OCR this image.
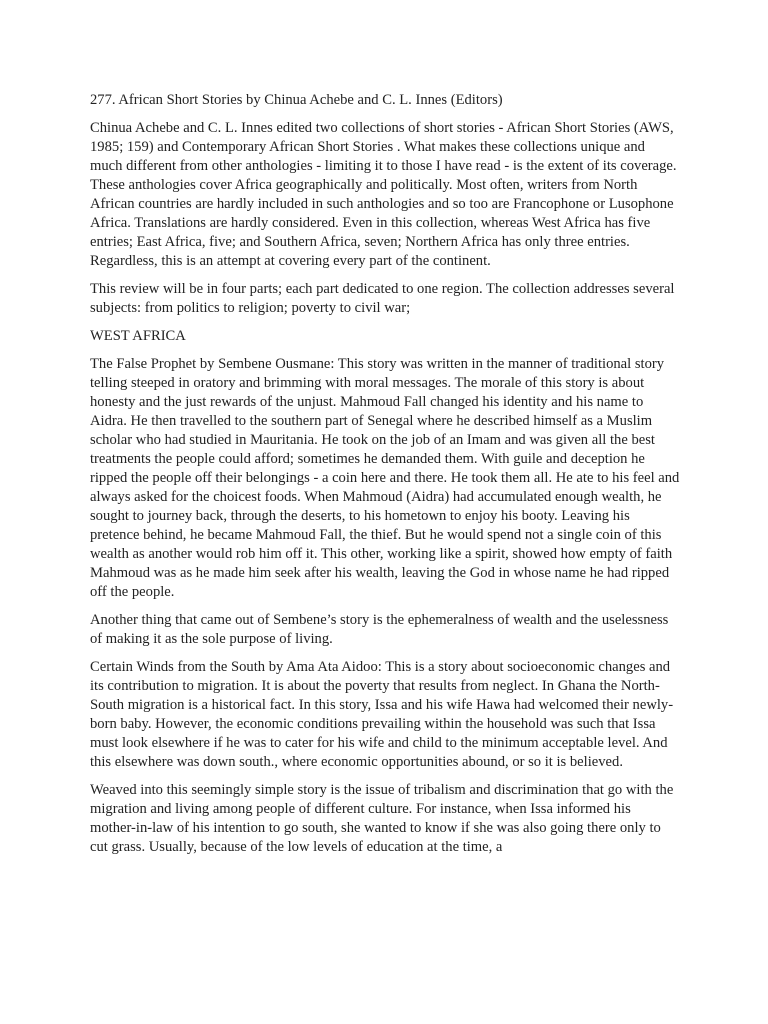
277. African Short Stories by Chinua Achebe and C. L. Innes (Editors)

Chinua Achebe and C. L. Innes edited two collections of short stories - African Short Stories (AWS, 1985; 159) and Contemporary African Short Stories . What makes these collections unique and much different from other anthologies - limiting it to those I have read - is the extent of its coverage. These anthologies cover Africa geographically and politically. Most often, writers from North African countries are hardly included in such anthologies and so too are Francophone or Lusophone Africa. Translations are hardly considered. Even in this collection, whereas West Africa has five entries; East Africa, five; and Southern Africa, seven; Northern Africa has only three entries. Regardless, this is an attempt at covering every part of the continent.

This review will be in four parts; each part dedicated to one region. The collection addresses several subjects: from politics to religion; poverty to civil war;

WEST AFRICA

The False Prophet by Sembene Ousmane: This story was written in the manner of traditional story telling steeped in oratory and brimming with moral messages. The morale of this story is about honesty and the just rewards of the unjust. Mahmoud Fall changed his identity and his name to Aidra. He then travelled to the southern part of Senegal where he described himself as a Muslim scholar who had studied in Mauritania. He took on the job of an Imam and was given all the best treatments the people could afford; sometimes he demanded them. With guile and deception he ripped the people off their belongings - a coin here and there. He took them all. He ate to his feel and always asked for the choicest foods. When Mahmoud (Aidra) had accumulated enough wealth, he sought to journey back, through the deserts, to his hometown to enjoy his booty. Leaving his pretence behind, he became Mahmoud Fall, the thief. But he would spend not a single coin of this wealth as another would rob him off it. This other, working like a spirit, showed how empty of faith Mahmoud was as he made him seek after his wealth, leaving the God in whose name he had ripped off the people.

Another thing that came out of Sembene’s story is the ephemeralness of wealth and the uselessness of making it as the sole purpose of living.

Certain Winds from the South by Ama Ata Aidoo: This is a story about socioeconomic changes and its contribution to migration. It is about the poverty that results from neglect. In Ghana the North-South migration is a historical fact. In this story, Issa and his wife Hawa had welcomed their newly-born baby. However, the economic conditions prevailing within the household was such that Issa must look elsewhere if he was to cater for his wife and child to the minimum acceptable level. And this elsewhere was down south., where economic opportunities abound, or so it is believed.

Weaved into this seemingly simple story is the issue of tribalism and discrimination that go with the migration and living among people of different culture. For instance, when Issa informed his mother-in-law of his intention to go south, she wanted to know if she was also going there only to cut grass. Usually, because of the low levels of education at the time, a
